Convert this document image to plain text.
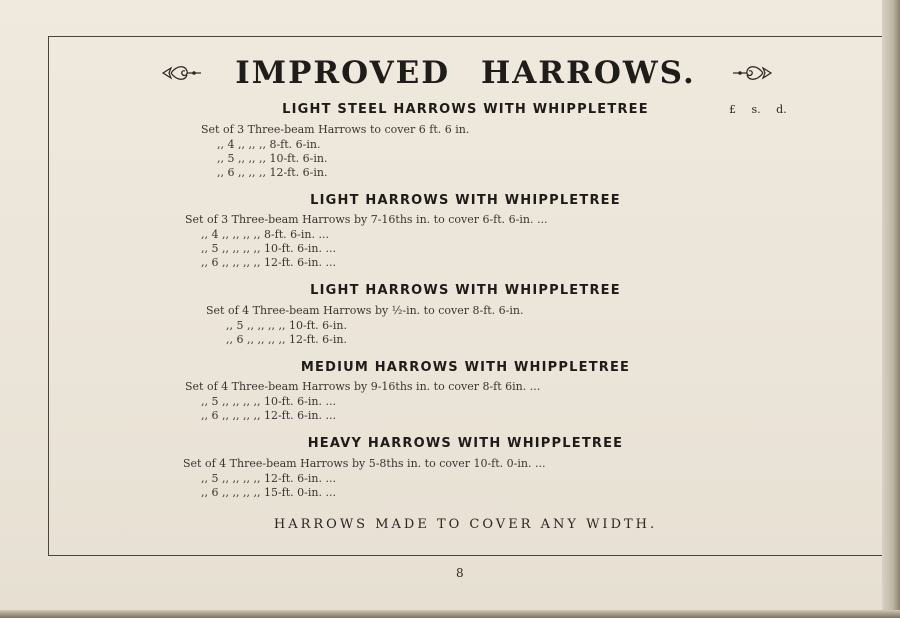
IMPROVED HARROWS.
£ s. d.
LIGHT STEEL HARROWS WITH WHIPPLETREE
Set of 3 Three-beam Harrows to cover 6 ft. 6 in.
,, 4 ,, ,, ,, 8-ft. 6-in.
,, 5 ,, ,, ,, 10-ft. 6-in.
,, 6 ,, ,, ,, 12-ft. 6-in.
LIGHT HARROWS WITH WHIPPLETREE
Set of 3 Three-beam Harrows by 7-16ths in. to cover 6-ft. 6-in. ...
,, 4 ,, ,, ,, ,, 8-ft. 6-in. ...
,, 5 ,, ,, ,, ,, 10-ft. 6-in. ...
,, 6 ,, ,, ,, ,, 12-ft. 6-in. ...
LIGHT HARROWS WITH WHIPPLETREE
Set of 4 Three-beam Harrows by ½-in. to cover 8-ft. 6-in.
,, 5 ,, ,, ,, ,, 10-ft. 6-in.
,, 6 ,, ,, ,, ,, 12-ft. 6-in.
MEDIUM HARROWS WITH WHIPPLETREE
Set of 4 Three-beam Harrows by 9-16ths in. to cover 8-ft 6in. ...
,, 5 ,, ,, ,, ,, 10-ft. 6-in. ...
,, 6 ,, ,, ,, ,, 12-ft. 6-in. ...
HEAVY HARROWS WITH WHIPPLETREE
Set of 4 Three-beam Harrows by 5-8ths in. to cover 10-ft. 0-in. ...
,, 5 ,, ,, ,, ,, 12-ft. 6-in. ...
,, 6 ,, ,, ,, ,, 15-ft. 0-in. ...
HARROWS MADE TO COVER ANY WIDTH.
8
